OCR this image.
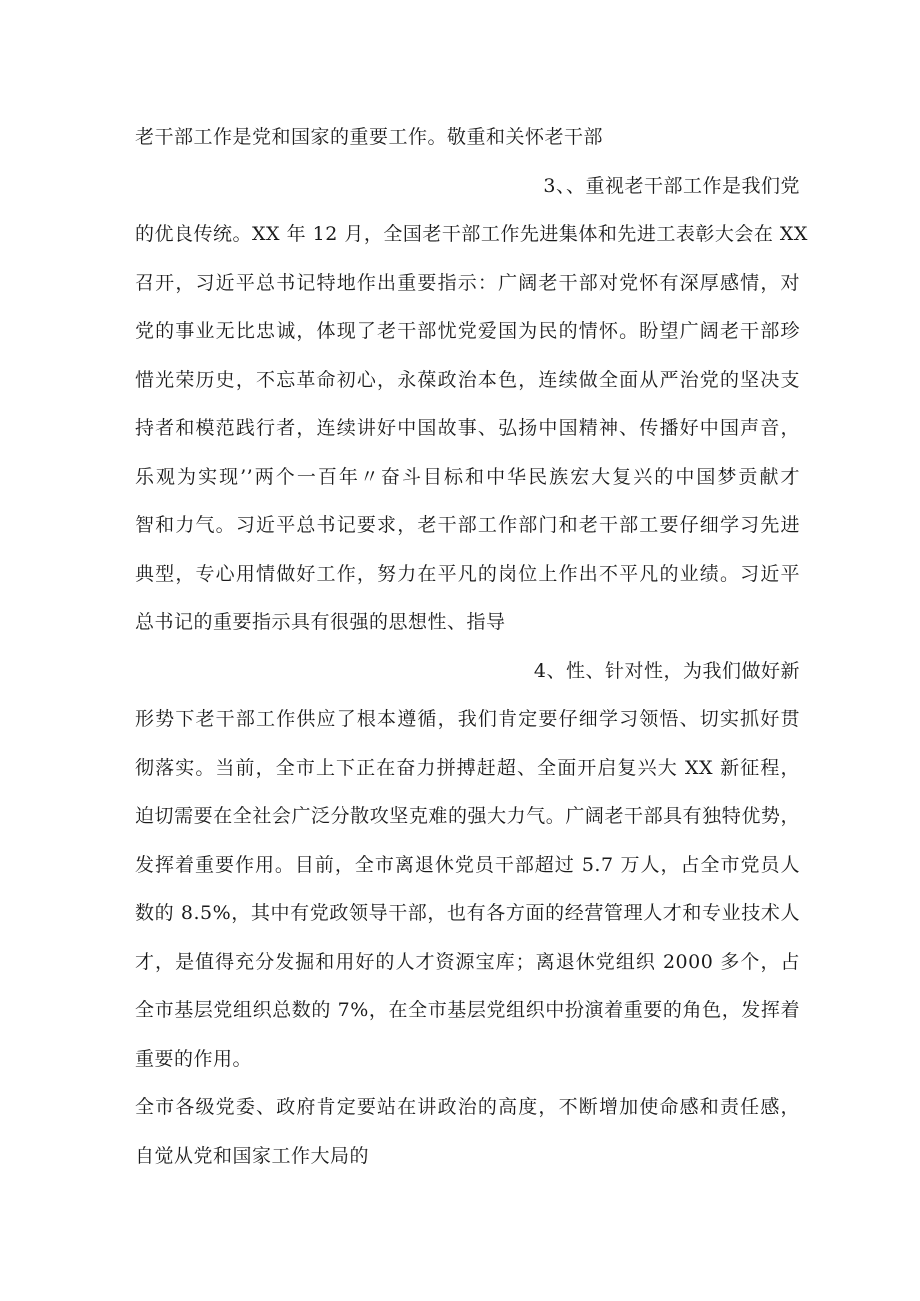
老干部工作是党和国家的重要工作。敬重和关怀老干部
3、、重视老干部工作是我们党
的优良传统。XX 年 12 月，全国老干部工作先进集体和先进工表彰大会在 XX
召开，习近平总书记特地作出重要指示：广阔老干部对党怀有深厚感情，对
党的事业无比忠诚，体现了老干部忧党爱国为民的情怀。盼望广阔老干部珍
惜光荣历史，不忘革命初心，永葆政治本色，连续做全面从严治党的坚决支
持者和模范践行者，连续讲好中国故事、弘扬中国精神、传播好中国声音，
乐观为实现’’两个一百年〃奋斗目标和中华民族宏大复兴的中国梦贡献才
智和力气。习近平总书记要求，老干部工作部门和老干部工要仔细学习先进
典型，专心用情做好工作，努力在平凡的岗位上作出不平凡的业绩。习近平
总书记的重要指示具有很强的思想性、指导
4、性、针对性，为我们做好新
形势下老干部工作供应了根本遵循，我们肯定要仔细学习领悟、切实抓好贯
彻落实。当前，全市上下正在奋力拼搏赶超、全面开启复兴大 XX 新征程，
迫切需要在全社会广泛分散攻坚克难的强大力气。广阔老干部具有独特优势，
发挥着重要作用。目前，全市离退休党员干部超过 5.7 万人，占全市党员人
数的 8.5%，其中有党政领导干部，也有各方面的经营管理人才和专业技术人
才，是值得充分发掘和用好的人才资源宝库；离退休党组织 2000 多个，占
全市基层党组织总数的 7%，在全市基层党组织中扮演着重要的角色，发挥着
重要的作用。
全市各级党委、政府肯定要站在讲政治的高度，不断增加使命感和责任感，
自觉从党和国家工作大局的
